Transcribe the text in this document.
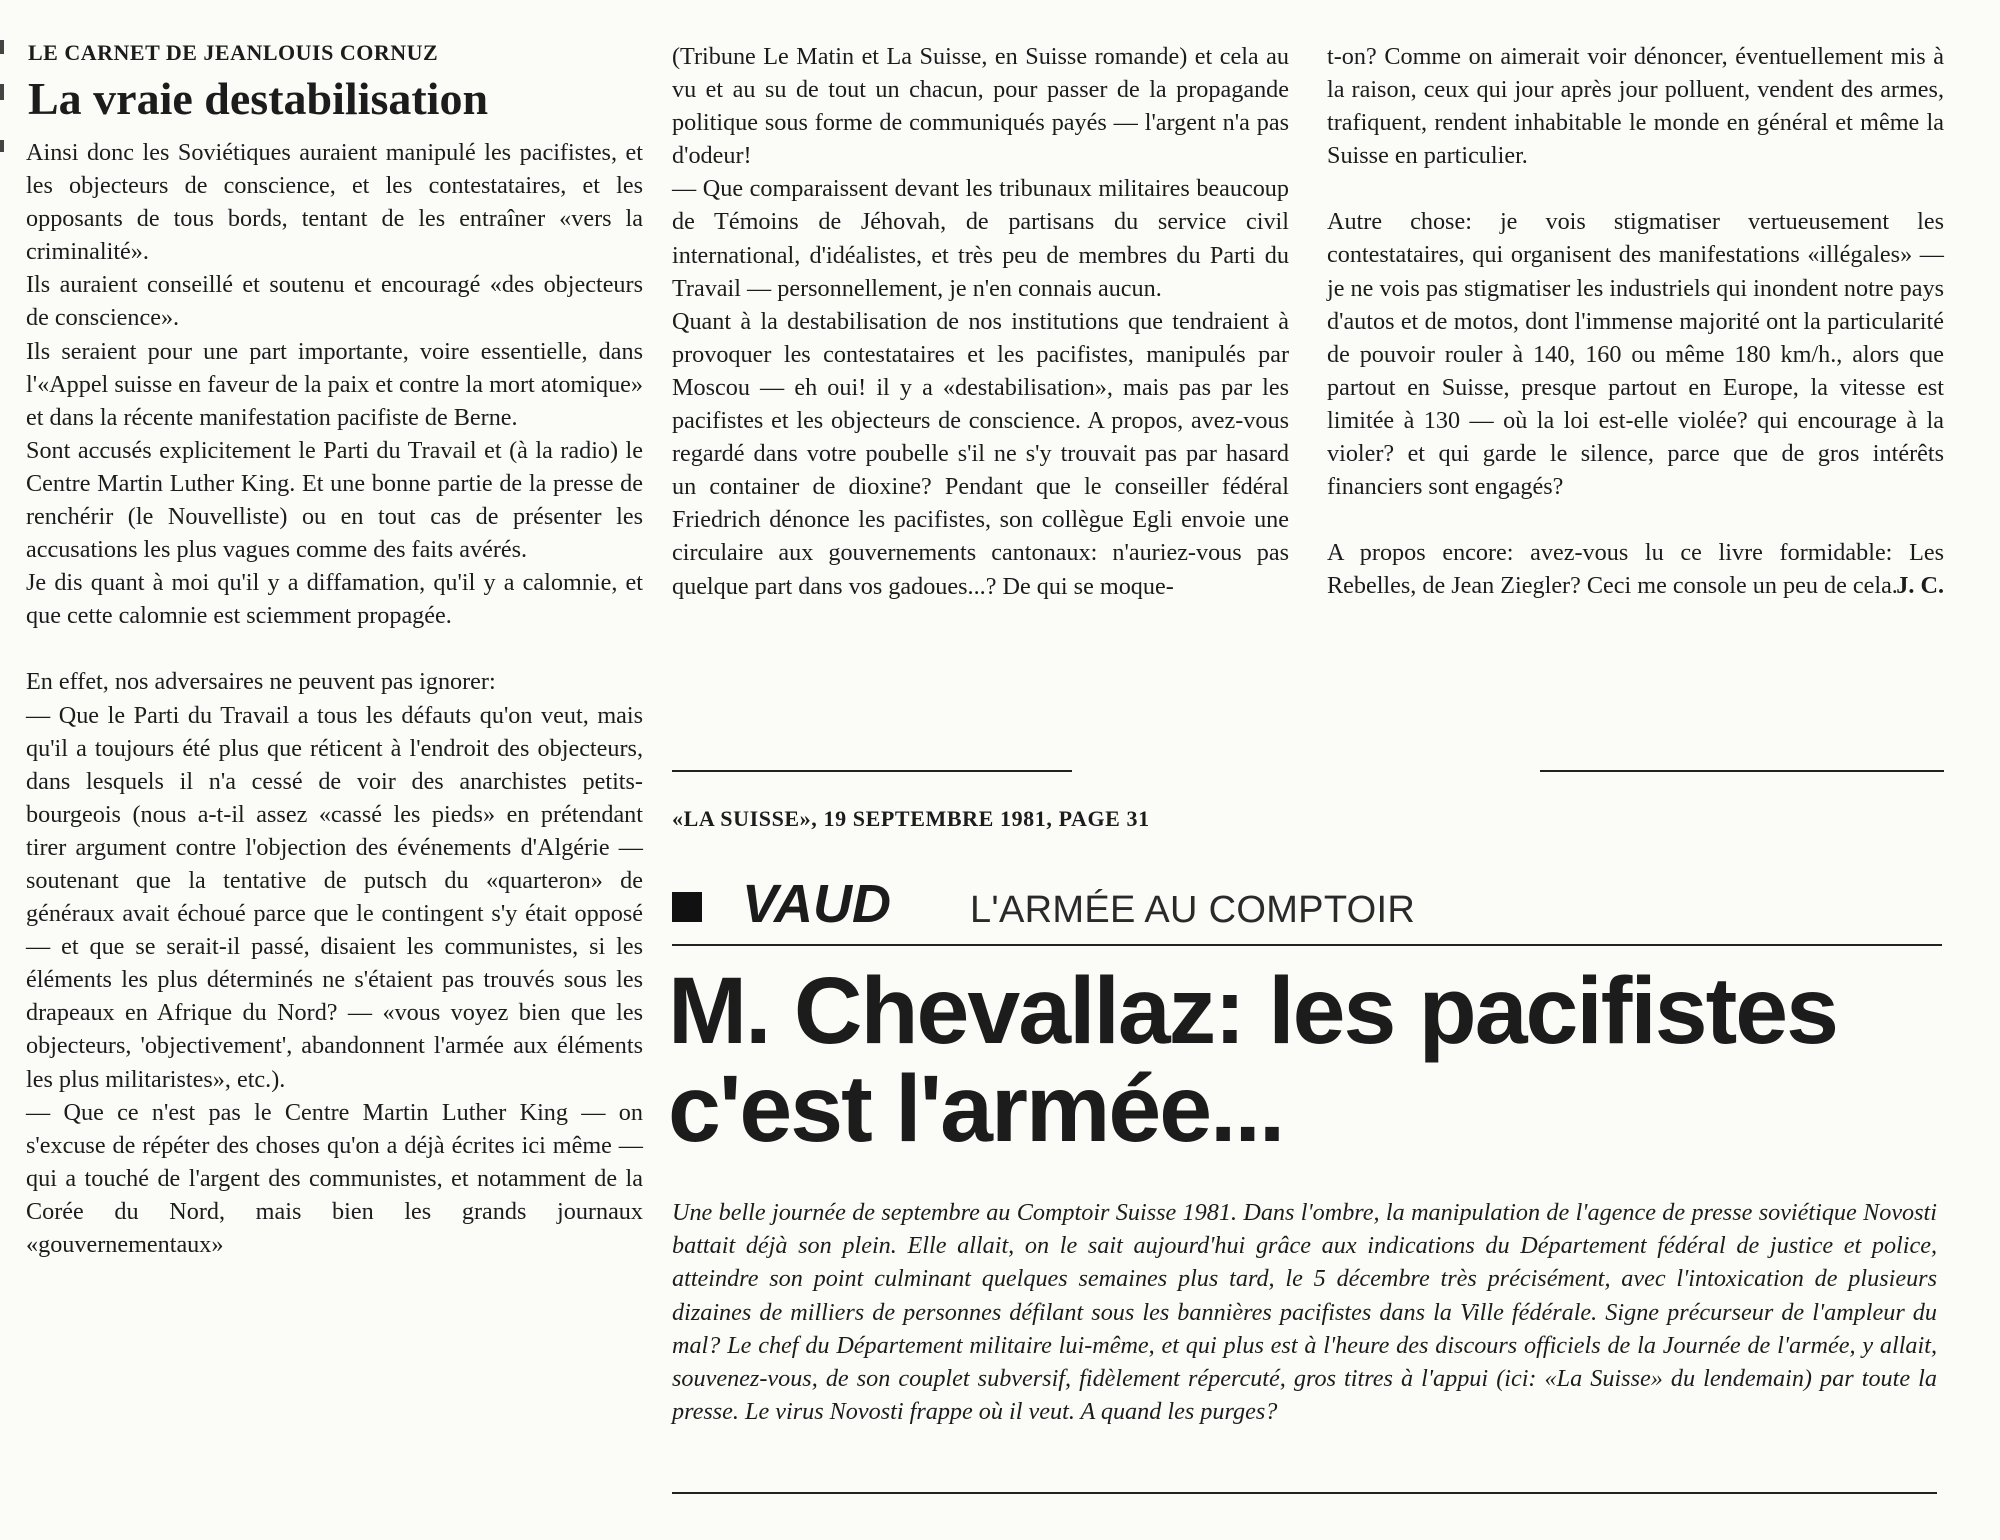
LE CARNET DE JEANLOUIS CORNUZ
La vraie destabilisation

Ainsi donc les Soviétiques auraient manipulé les pacifistes, et les objecteurs de conscience, et les contestataires, et les opposants de tous bords, tentant de les entraîner «vers la criminalité».

Ils auraient conseillé et soutenu et encouragé «des objecteurs de conscience».

Ils seraient pour une part importante, voire essentielle, dans l'«Appel suisse en faveur de la paix et contre la mort atomique» et dans la récente manifestation pacifiste de Berne.

Sont accusés explicitement le Parti du Travail et (à la radio) le Centre Martin Luther King. Et une bonne partie de la presse de renchérir (le Nouvelliste) ou en tout cas de présenter les accusations les plus vagues comme des faits avérés.

Je dis quant à moi qu'il y a diffamation, qu'il y a calomnie, et que cette calomnie est sciemment propagée.

En effet, nos adversaires ne peuvent pas ignorer:

— Que le Parti du Travail a tous les défauts qu'on veut, mais qu'il a toujours été plus que réticent à l'endroit des objecteurs, dans lesquels il n'a cessé de voir des anarchistes petits-bourgeois (nous a-t-il assez «cassé les pieds» en prétendant tirer argument contre l'objection des événements d'Algérie — soutenant que la tentative de putsch du «quarteron» de généraux avait échoué parce que le contingent s'y était opposé — et que se serait-il passé, disaient les communistes, si les éléments les plus déterminés ne s'étaient pas trouvés sous les drapeaux en Afrique du Nord? — «vous voyez bien que les objecteurs, 'objectivement', abandonnent l'armée aux éléments les plus militaristes», etc.).

— Que ce n'est pas le Centre Martin Luther King — on s'excuse de répéter des choses qu'on a déjà écrites ici même — qui a touché de l'argent des communistes, et notamment de la Corée du Nord, mais bien les grands journaux «gouvernementaux»

(Tribune Le Matin et La Suisse, en Suisse romande) et cela au vu et au su de tout un chacun, pour passer de la propagande politique sous forme de communiqués payés — l'argent n'a pas d'odeur!

— Que comparaissent devant les tribunaux militaires beaucoup de Témoins de Jéhovah, de partisans du service civil international, d'idéalistes, et très peu de membres du Parti du Travail — personnellement, je n'en connais aucun.

Quant à la destabilisation de nos institutions que tendraient à provoquer les contestataires et les pacifistes, manipulés par Moscou — eh oui! il y a «destabilisation», mais pas par les pacifistes et les objecteurs de conscience. A propos, avez-vous regardé dans votre poubelle s'il ne s'y trouvait pas par hasard un container de dioxine? Pendant que le conseiller fédéral Friedrich dénonce les pacifistes, son collègue Egli envoie une circulaire aux gouvernements cantonaux: n'auriez-vous pas quelque part dans vos gadoues...? De qui se moque-

t-on? Comme on aimerait voir dénoncer, éventuellement mis à la raison, ceux qui jour après jour polluent, vendent des armes, trafiquent, rendent inhabitable le monde en général et même la Suisse en particulier.

Autre chose: je vois stigmatiser vertueusement les contestataires, qui organisent des manifestations «illégales» — je ne vois pas stigmatiser les industriels qui inondent notre pays d'autos et de motos, dont l'immense majorité ont la particularité de pouvoir rouler à 140, 160 ou même 180 km/h., alors que partout en Suisse, presque partout en Europe, la vitesse est limitée à 130 — où la loi est-elle violée? qui encourage à la violer? et qui garde le silence, parce que de gros intérêts financiers sont engagés?

A propos encore: avez-vous lu ce livre formidable: Les Rebelles, de Jean Ziegler? Ceci me console un peu de cela.

J. C.

«LA SUISSE», 19 SEPTEMBRE 1981, PAGE 31
VAUD L'ARMÉE AU COMPTOIR
M. Chevallaz: les pacifistes c'est l'armée...

Une belle journée de septembre au Comptoir Suisse 1981. Dans l'ombre, la manipulation de l'agence de presse soviétique Novosti battait déjà son plein. Elle allait, on le sait aujourd'hui grâce aux indications du Département fédéral de justice et police, atteindre son point culminant quelques semaines plus tard, le 5 décembre très précisément, avec l'intoxication de plusieurs dizaines de milliers de personnes défilant sous les bannières pacifistes dans la Ville fédérale. Signe précurseur de l'ampleur du mal? Le chef du Département militaire lui-même, et qui plus est à l'heure des discours officiels de la Journée de l'armée, y allait, souvenez-vous, de son couplet subversif, fidèlement répercuté, gros titres à l'appui (ici: «La Suisse» du lendemain) par toute la presse. Le virus Novosti frappe où il veut. A quand les purges?
